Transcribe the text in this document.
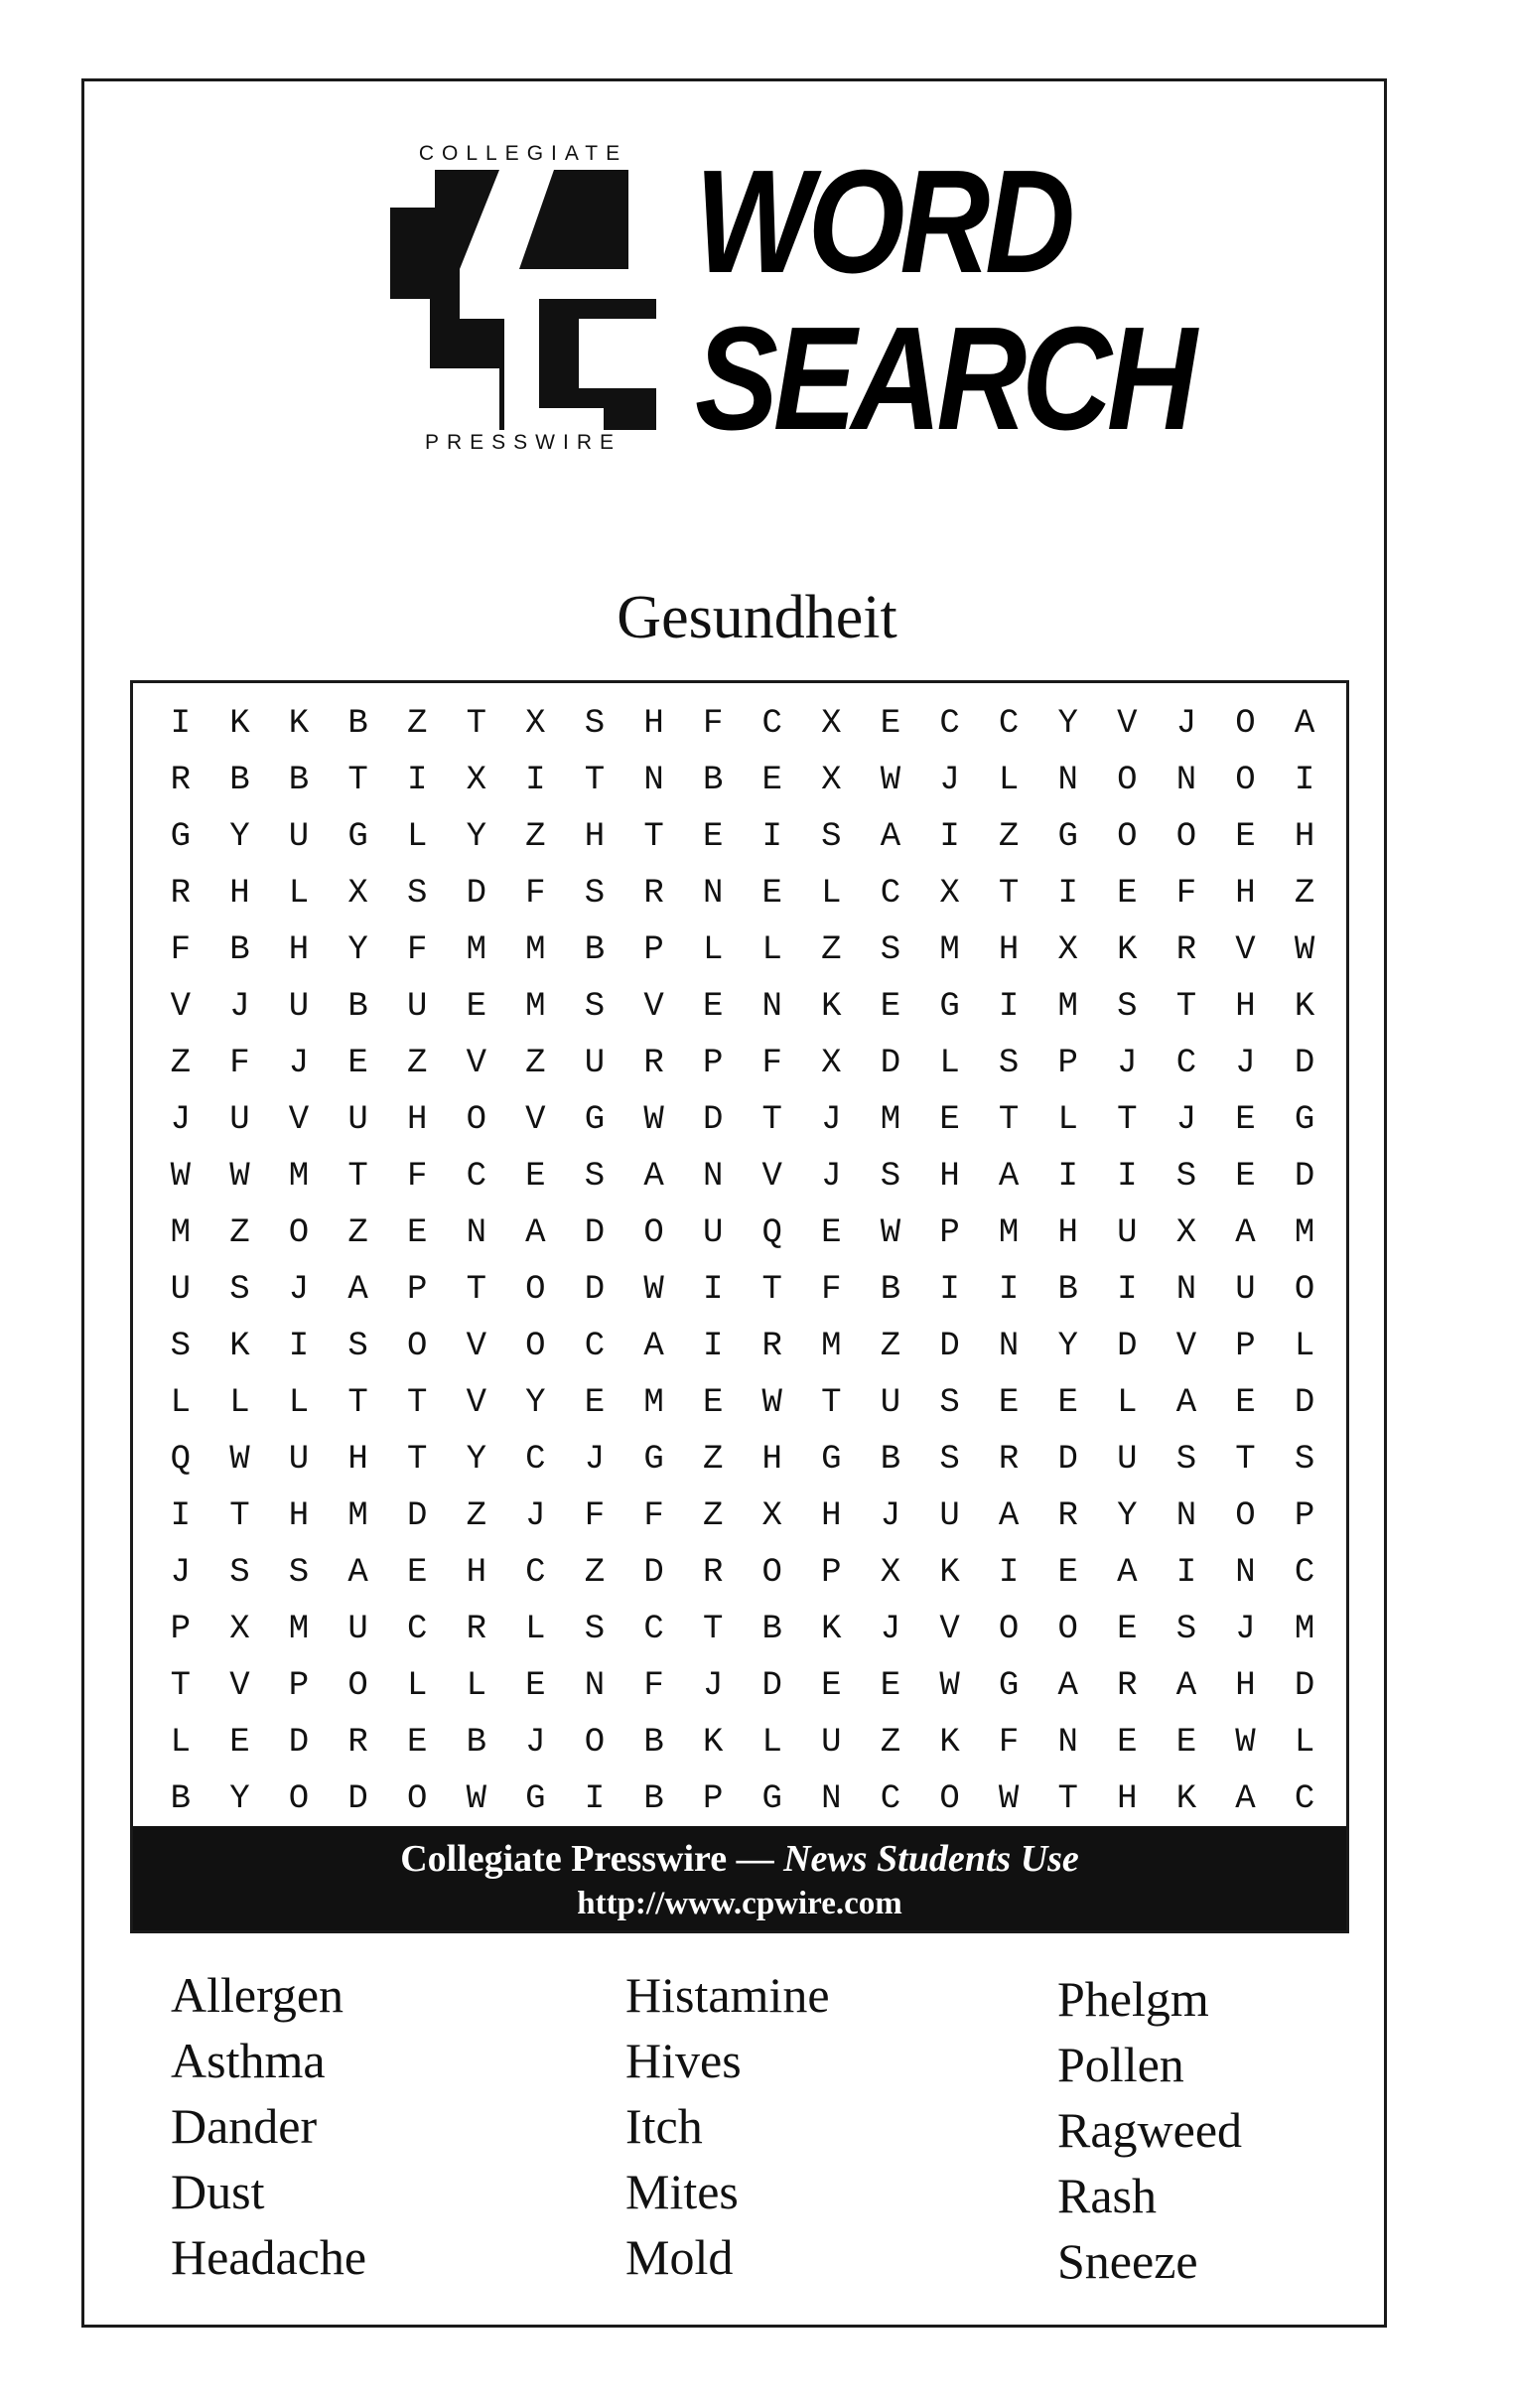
COLLEGIATE
PRESSWIRE
WORD
SEARCH
Gesundheit
I	K	K	B	Z	T	X	S	H	F	C	X	E	C	C	Y	V	J	O	A
R	B	B	T	I	X	I	T	N	B	E	X	W	J	L	N	O	N	O	I
G	Y	U	G	L	Y	Z	H	T	E	I	S	A	I	Z	G	O	O	E	H
R	H	L	X	S	D	F	S	R	N	E	L	C	X	T	I	E	F	H	Z
F	B	H	Y	F	M	M	B	P	L	L	Z	S	M	H	X	K	R	V	W
V	J	U	B	U	E	M	S	V	E	N	K	E	G	I	M	S	T	H	K
Z	F	J	E	Z	V	Z	U	R	P	F	X	D	L	S	P	J	C	J	D
J	U	V	U	H	O	V	G	W	D	T	J	M	E	T	L	T	J	E	G
W	W	M	T	F	C	E	S	A	N	V	J	S	H	A	I	I	S	E	D
M	Z	O	Z	E	N	A	D	O	U	Q	E	W	P	M	H	U	X	A	M
U	S	J	A	P	T	O	D	W	I	T	F	B	I	I	B	I	N	U	O
S	K	I	S	O	V	O	C	A	I	R	M	Z	D	N	Y	D	V	P	L
L	L	L	T	T	V	Y	E	M	E	W	T	U	S	E	E	L	A	E	D
Q	W	U	H	T	Y	C	J	G	Z	H	G	B	S	R	D	U	S	T	S
I	T	H	M	D	Z	J	F	F	Z	X	H	J	U	A	R	Y	N	O	P
J	S	S	A	E	H	C	Z	D	R	O	P	X	K	I	E	A	I	N	C
P	X	M	U	C	R	L	S	C	T	B	K	J	V	O	O	E	S	J	M
T	V	P	O	L	L	E	N	F	J	D	E	E	W	G	A	R	A	H	D
L	E	D	R	E	B	J	O	B	K	L	U	Z	K	F	N	E	E	W	L
B	Y	O	D	O	W	G	I	B	P	G	N	C	O	W	T	H	K	A	C
Collegiate Presswire — News Students Use
http://www.cpwire.com
Allergen
Asthma
Dander
Dust
Headache
Histamine
Hives
Itch
Mites
Mold
Phelgm
Pollen
Ragweed
Rash
Sneeze
